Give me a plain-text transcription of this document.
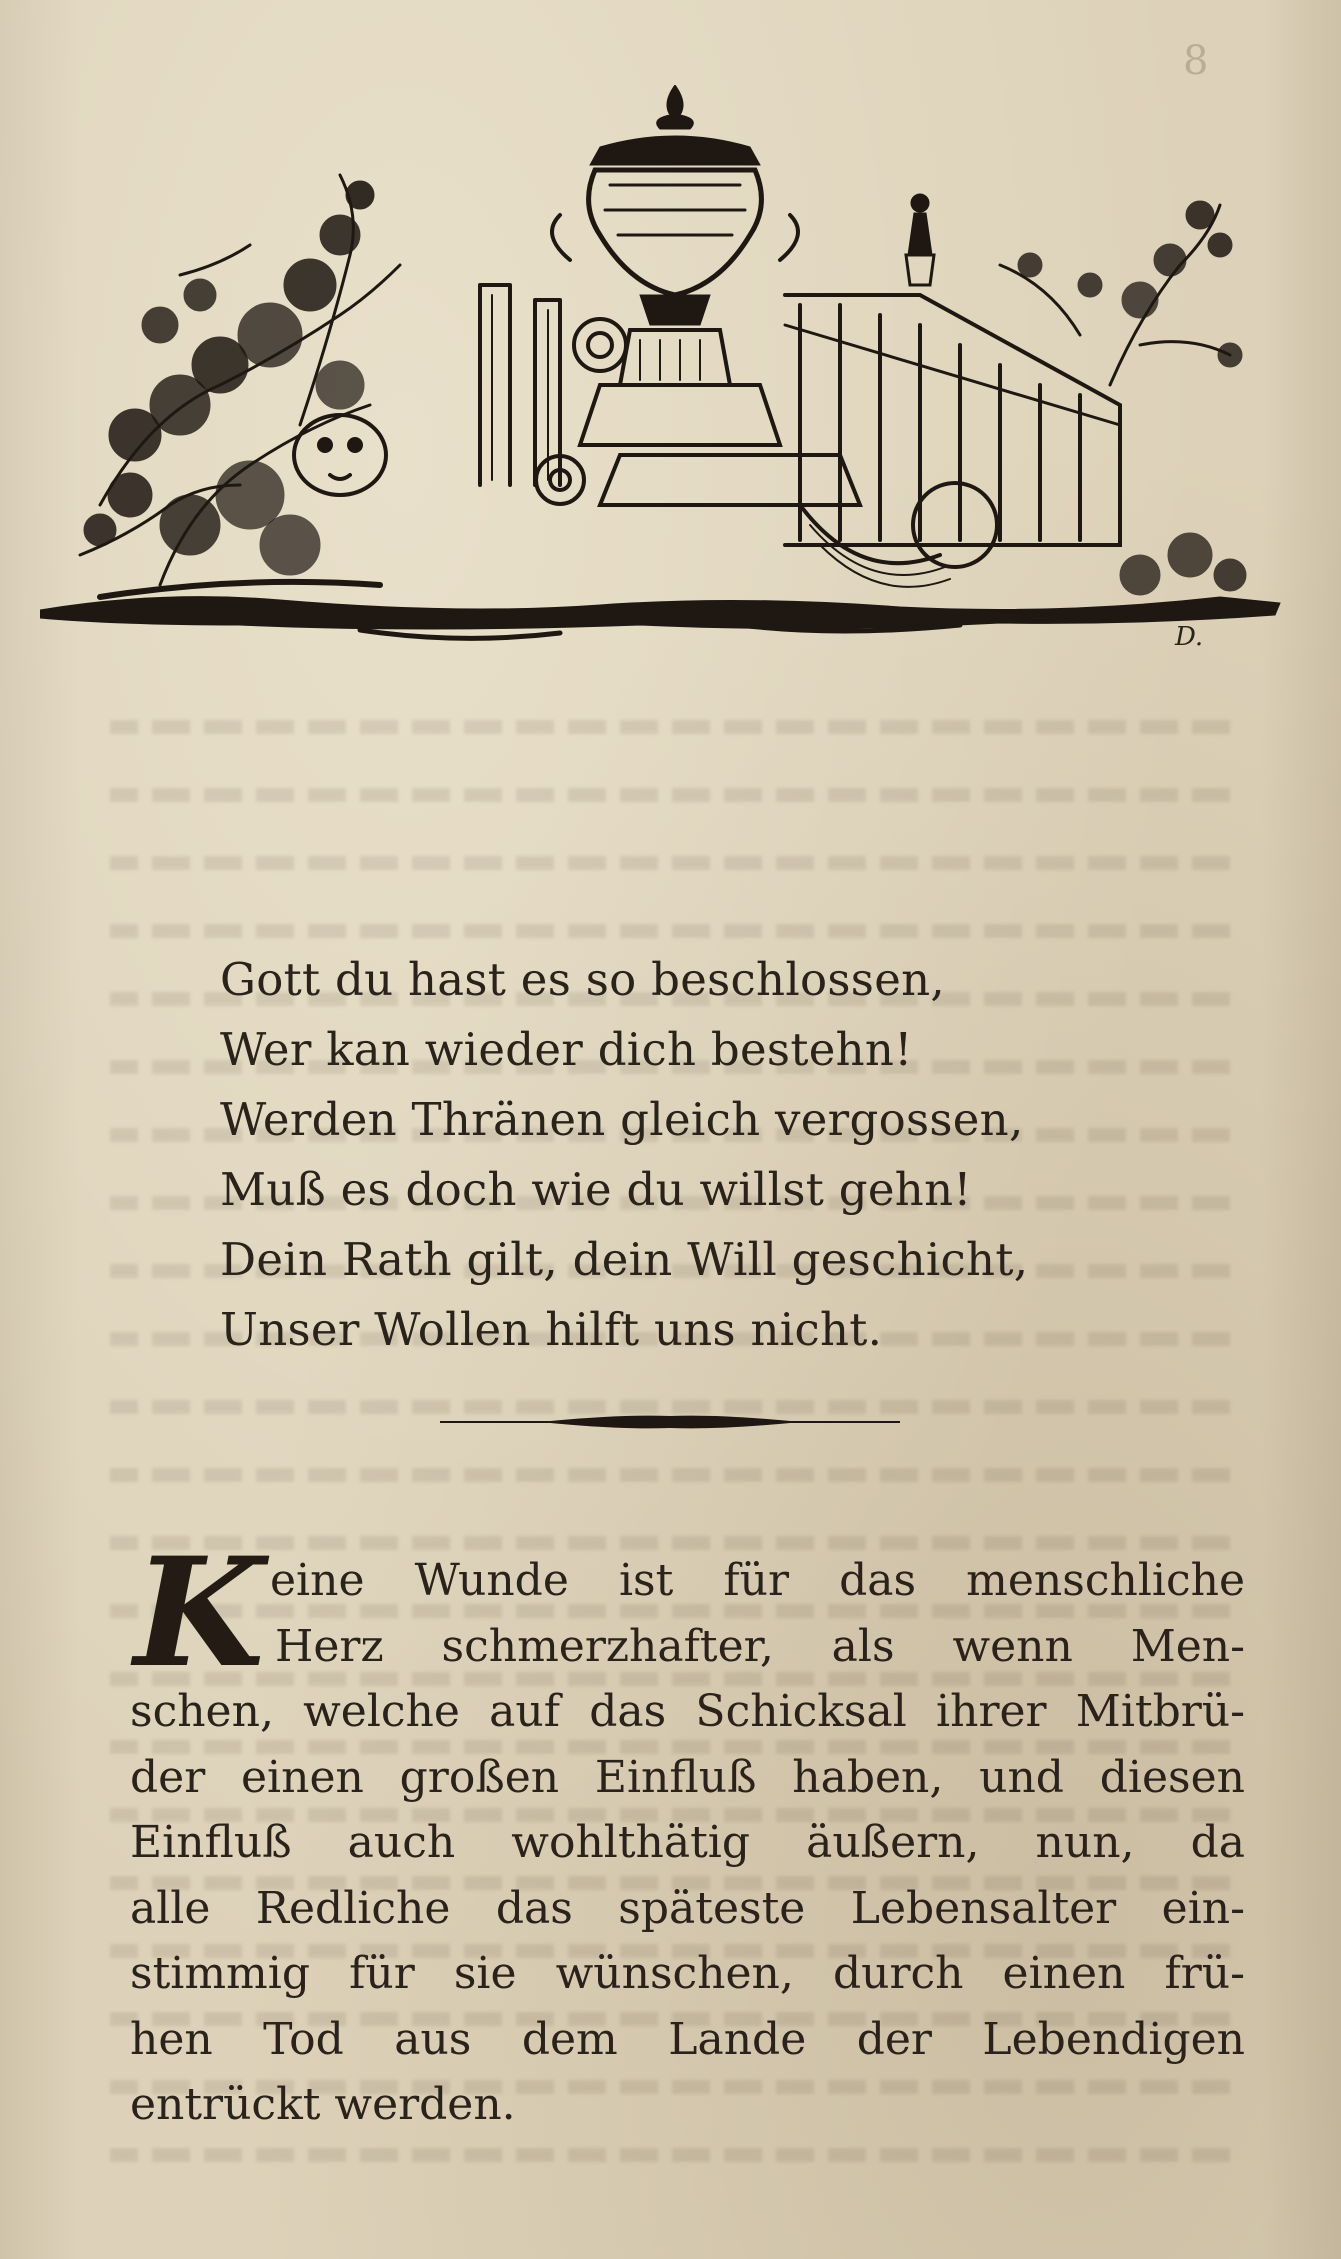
8
D.
Gott du hast es so beschlossen,
Wer kan wieder dich bestehn!
Werden Thränen gleich vergossen,
Muß es doch wie du willst gehn!
Dein Rath gilt, dein Will geschicht,
Unser Wollen hilft uns nicht.
K eine Wunde ist für das menschliche
Herz schmerzhafter, als wenn Men-
schen, welche auf das Schicksal ihrer Mitbrü-
der einen großen Einfluß haben, und diesen
Einfluß auch wohlthätig äußern, nun, da
alle Redliche das späteste Lebensalter ein-
stimmig für sie wünschen, durch einen frü-
hen Tod aus dem Lande der Lebendigen
entrückt werden.
